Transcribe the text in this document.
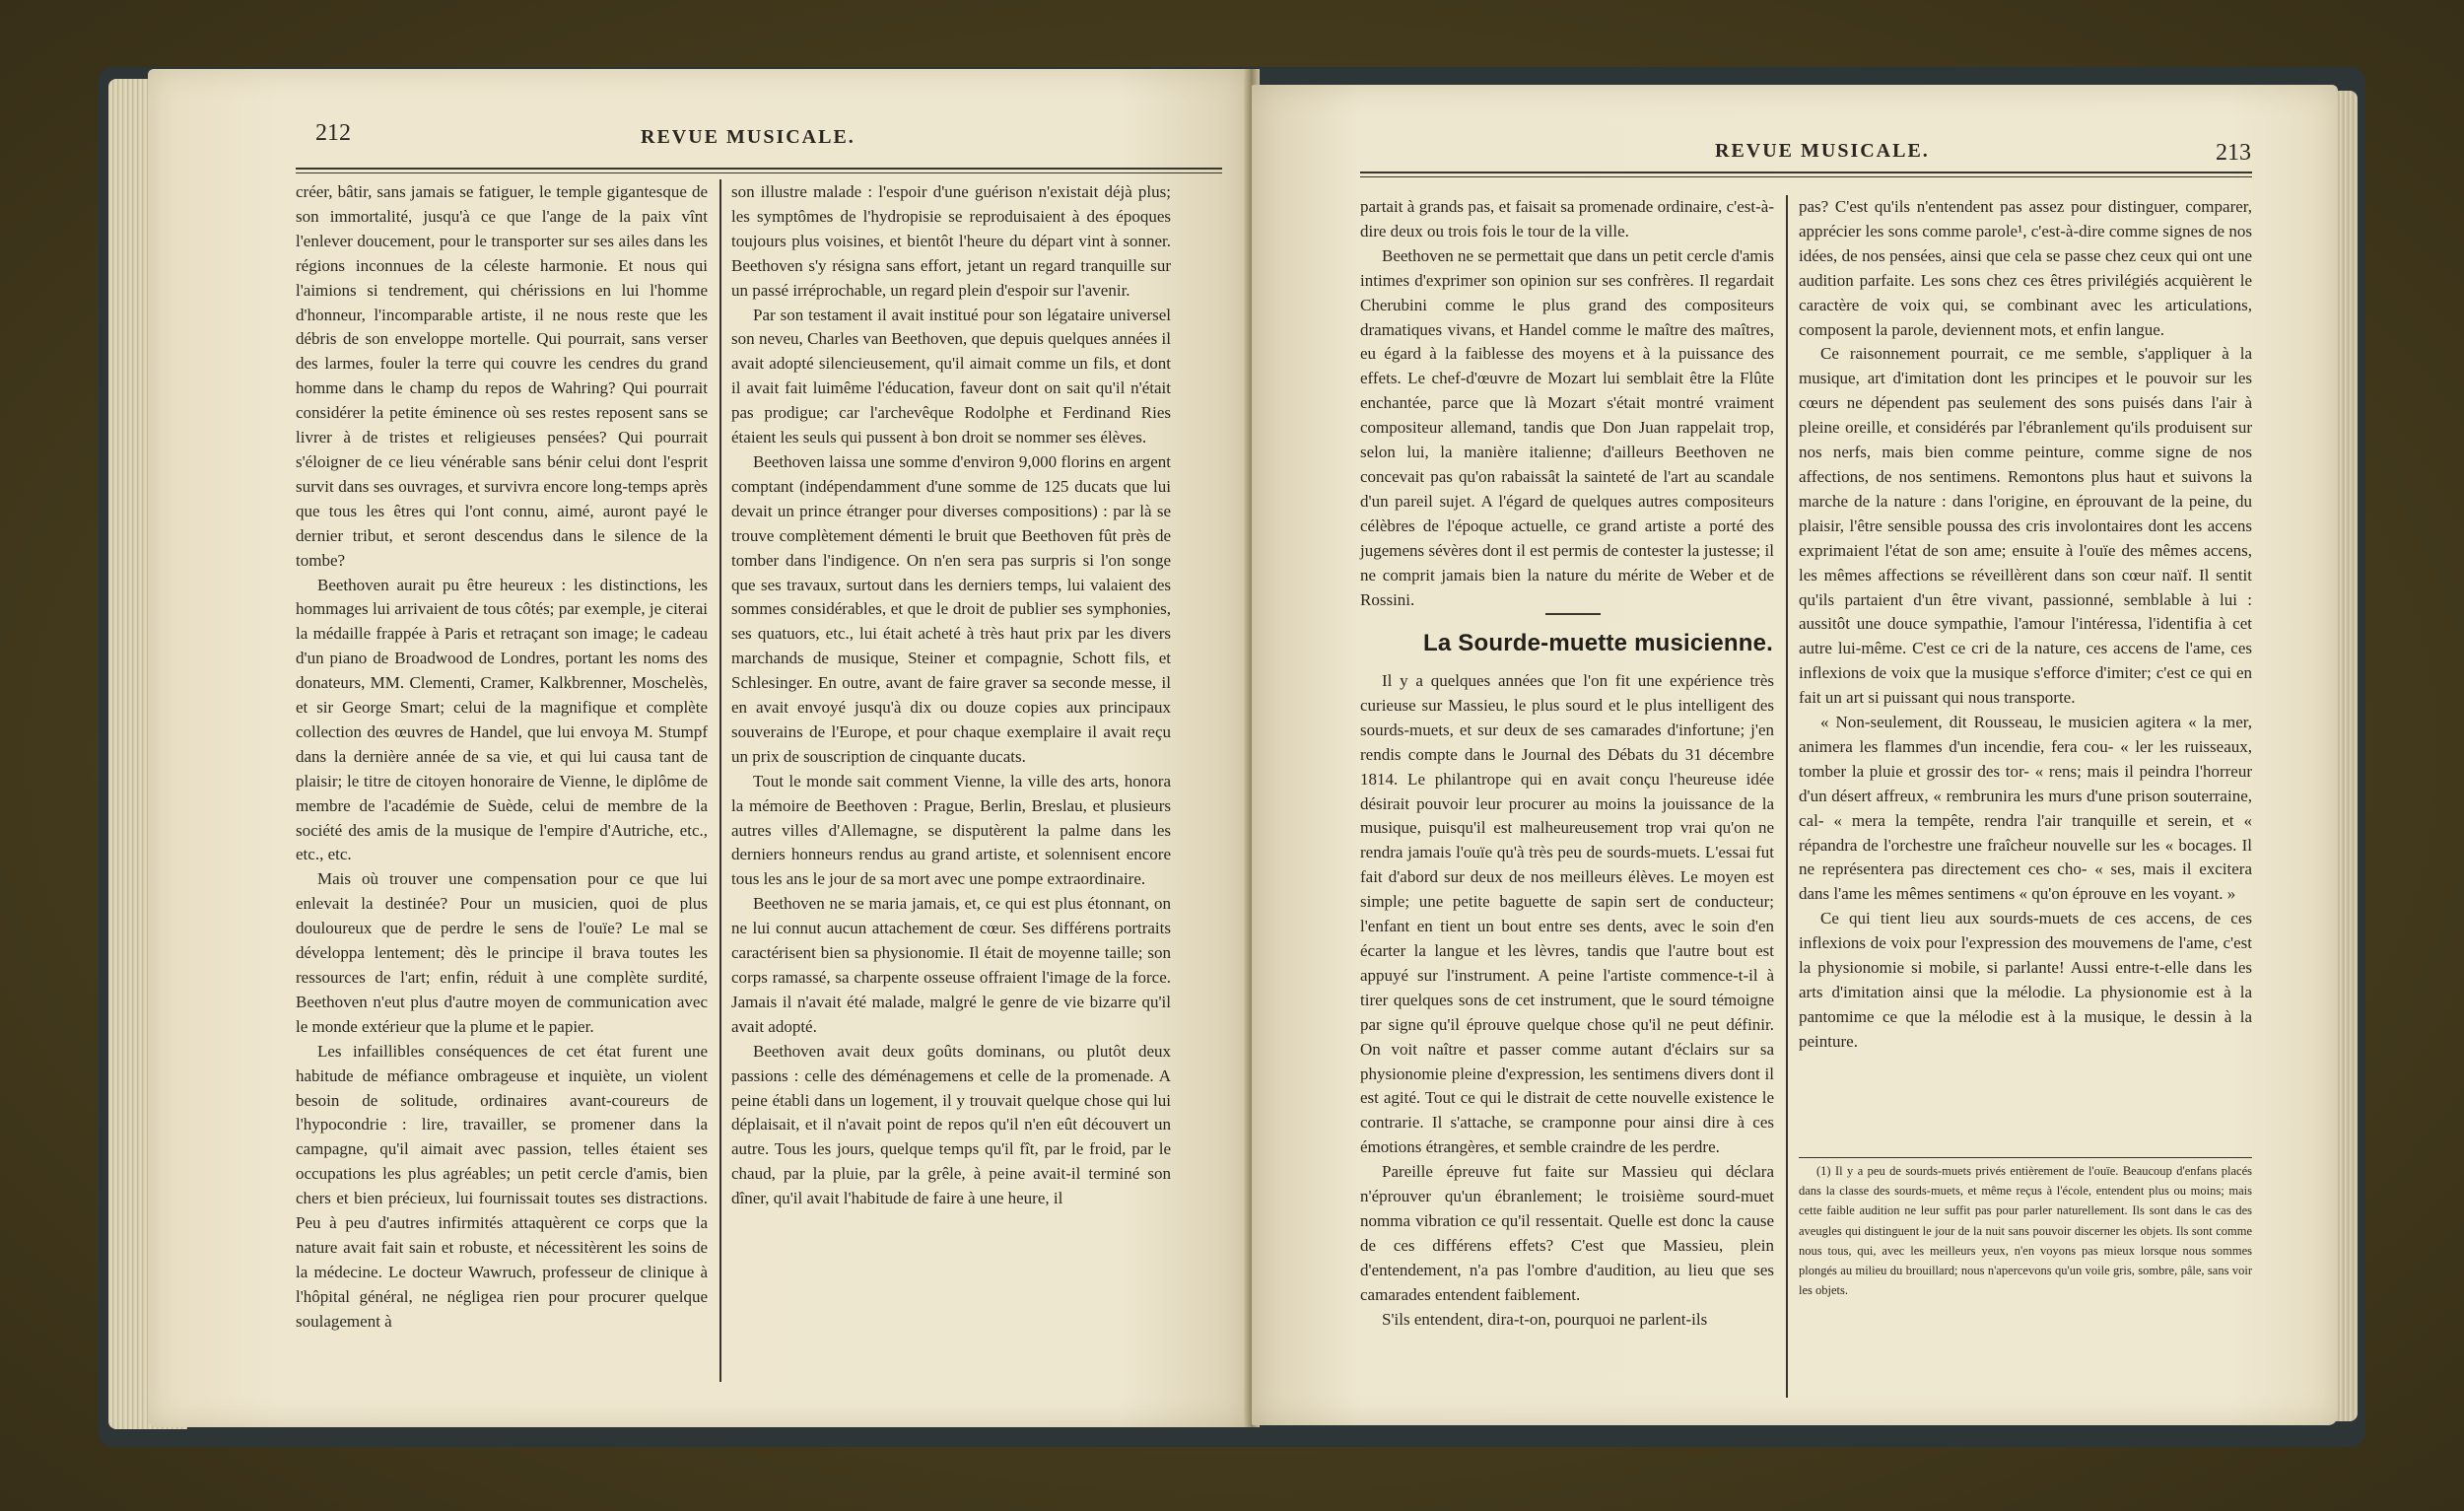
212	REVUE MUSICALE.

créer, bâtir, sans jamais se fatiguer, le temple gigantesque de son immortalité, jusqu'à ce que l'ange de la paix vînt l'enlever doucement, pour le transporter sur ses ailes dans les régions inconnues de la céleste harmonie. Et nous qui l'aimions si tendrement, qui chérissions en lui l'homme d'honneur, l'incomparable artiste, il ne nous reste que les débris de son enveloppe mortelle. Qui pourrait, sans verser des larmes, fouler la terre qui couvre les cendres du grand homme dans le champ du repos de Wahring? Qui pourrait considérer la petite éminence où ses restes reposent sans se livrer à de tristes et religieuses pensées? Qui pourrait s'éloigner de ce lieu vénérable sans bénir celui dont l'esprit survit dans ses ouvrages, et survivra encore long-temps après que tous les êtres qui l'ont connu, aimé, auront payé le dernier tribut, et seront descendus dans le silence de la tombe?

Beethoven aurait pu être heureux : les distinctions, les hommages lui arrivaient de tous côtés; par exemple, je citerai la médaille frappée à Paris et retraçant son image; le cadeau d'un piano de Broadwood de Londres, portant les noms des donateurs, MM. Clementi, Cramer, Kalkbrenner, Moschelès, et sir George Smart; celui de la magnifique et complète collection des œuvres de Handel, que lui envoya M. Stumpf dans la dernière année de sa vie, et qui lui causa tant de plaisir; le titre de citoyen honoraire de Vienne, le diplôme de membre de l'académie de Suède, celui de membre de la société des amis de la musique de l'empire d'Autriche, etc., etc., etc.

Mais où trouver une compensation pour ce que lui enlevait la destinée? Pour un musicien, quoi de plus douloureux que de perdre le sens de l'ouïe? Le mal se développa lentement; dès le principe il brava toutes les ressources de l'art; enfin, réduit à une complète surdité, Beethoven n'eut plus d'autre moyen de communication avec le monde extérieur que la plume et le papier.

Les infaillibles conséquences de cet état furent une habitude de méfiance ombrageuse et inquiète, un violent besoin de solitude, ordinaires avant-coureurs de l'hypocondrie : lire, travailler, se promener dans la campagne, qu'il aimait avec passion, telles étaient ses occupations les plus agréables; un petit cercle d'amis, bien chers et bien précieux, lui fournissait toutes ses distractions. Peu à peu d'autres infirmités attaquèrent ce corps que la nature avait fait sain et robuste, et nécessitèrent les soins de la médecine. Le docteur Wawruch, professeur de clinique à l'hôpital général, ne négligea rien pour procurer quelque soulagement à

son illustre malade : l'espoir d'une guérison n'existait déjà plus; les symptômes de l'hydropisie se reproduisaient à des époques toujours plus voisines, et bientôt l'heure du départ vint à sonner. Beethoven s'y résigna sans effort, jetant un regard tranquille sur un passé irréprochable, un regard plein d'espoir sur l'avenir.

Par son testament il avait institué pour son légataire universel son neveu, Charles van Beethoven, que depuis quelques années il avait adopté silencieusement, qu'il aimait comme un fils, et dont il avait fait luimême l'éducation, faveur dont on sait qu'il n'était pas prodigue; car l'archevêque Rodolphe et Ferdinand Ries étaient les seuls qui pussent à bon droit se nommer ses élèves.

Beethoven laissa une somme d'environ 9,000 florins en argent comptant (indépendamment d'une somme de 125 ducats que lui devait un prince étranger pour diverses compositions) : par là se trouve complètement démenti le bruit que Beethoven fût près de tomber dans l'indigence. On n'en sera pas surpris si l'on songe que ses travaux, surtout dans les derniers temps, lui valaient des sommes considérables, et que le droit de publier ses symphonies, ses quatuors, etc., lui était acheté à très haut prix par les divers marchands de musique, Steiner et compagnie, Schott fils, et Schlesinger. En outre, avant de faire graver sa seconde messe, il en avait envoyé jusqu'à dix ou douze copies aux principaux souverains de l'Europe, et pour chaque exemplaire il avait reçu un prix de souscription de cinquante ducats.

Tout le monde sait comment Vienne, la ville des arts, honora la mémoire de Beethoven : Prague, Berlin, Breslau, et plusieurs autres villes d'Allemagne, se disputèrent la palme dans les derniers honneurs rendus au grand artiste, et solennisent encore tous les ans le jour de sa mort avec une pompe extraordinaire.

Beethoven ne se maria jamais, et, ce qui est plus étonnant, on ne lui connut aucun attachement de cœur. Ses différens portraits caractérisent bien sa physionomie. Il était de moyenne taille; son corps ramassé, sa charpente osseuse offraient l'image de la force. Jamais il n'avait été malade, malgré le genre de vie bizarre qu'il avait adopté.

Beethoven avait deux goûts dominans, ou plutôt deux passions : celle des déménagemens et celle de la promenade. A peine établi dans un logement, il y trouvait quelque chose qui lui déplaisait, et il n'avait point de repos qu'il n'en eût découvert un autre. Tous les jours, quelque temps qu'il fît, par le froid, par le chaud, par la pluie, par la grêle, à peine avait-il terminé son dîner, qu'il avait l'habitude de faire à une heure, il

REVUE MUSICALE.	213

partait à grands pas, et faisait sa promenade ordinaire, c'est-à-dire deux ou trois fois le tour de la ville.

Beethoven ne se permettait que dans un petit cercle d'amis intimes d'exprimer son opinion sur ses confrères. Il regardait Cherubini comme le plus grand des compositeurs dramatiques vivans, et Handel comme le maître des maîtres, eu égard à la faiblesse des moyens et à la puissance des effets. Le chef-d'œuvre de Mozart lui semblait être la Flûte enchantée, parce que là Mozart s'était montré vraiment compositeur allemand, tandis que Don Juan rappelait trop, selon lui, la manière italienne; d'ailleurs Beethoven ne concevait pas qu'on rabaissât la sainteté de l'art au scandale d'un pareil sujet. A l'égard de quelques autres compositeurs célèbres de l'époque actuelle, ce grand artiste a porté des jugemens sévères dont il est permis de contester la justesse; il ne comprit jamais bien la nature du mérite de Weber et de Rossini.

La Sourde-muette musicienne.

Il y a quelques années que l'on fit une expérience très curieuse sur Massieu, le plus sourd et le plus intelligent des sourds-muets, et sur deux de ses camarades d'infortune; j'en rendis compte dans le Journal des Débats du 31 décembre 1814. Le philantrope qui en avait conçu l'heureuse idée désirait pouvoir leur procurer au moins la jouissance de la musique, puisqu'il est malheureusement trop vrai qu'on ne rendra jamais l'ouïe qu'à très peu de sourds-muets. L'essai fut fait d'abord sur deux de nos meilleurs élèves. Le moyen est simple; une petite baguette de sapin sert de conducteur; l'enfant en tient un bout entre ses dents, avec le soin d'en écarter la langue et les lèvres, tandis que l'autre bout est appuyé sur l'instrument. A peine l'artiste commence-t-il à tirer quelques sons de cet instrument, que le sourd témoigne par signe qu'il éprouve quelque chose qu'il ne peut définir. On voit naître et passer comme autant d'éclairs sur sa physionomie pleine d'expression, les sentimens divers dont il est agité. Tout ce qui le distrait de cette nouvelle existence le contrarie. Il s'attache, se cramponne pour ainsi dire à ces émotions étrangères, et semble craindre de les perdre.

Pareille épreuve fut faite sur Massieu qui déclara n'éprouver qu'un ébranlement; le troisième sourd-muet nomma vibration ce qu'il ressentait. Quelle est donc la cause de ces différens effets? C'est que Massieu, plein d'entendement, n'a pas l'ombre d'audition, au lieu que ses camarades entendent faiblement.

S'ils entendent, dira-t-on, pourquoi ne parlent-ils

pas? C'est qu'ils n'entendent pas assez pour distinguer, comparer, apprécier les sons comme parole¹, c'est-à-dire comme signes de nos idées, de nos pensées, ainsi que cela se passe chez ceux qui ont une audition parfaite. Les sons chez ces êtres privilégiés acquièrent le caractère de voix qui, se combinant avec les articulations, composent la parole, deviennent mots, et enfin langue.

Ce raisonnement pourrait, ce me semble, s'appliquer à la musique, art d'imitation dont les principes et le pouvoir sur les cœurs ne dépendent pas seulement des sons puisés dans l'air à pleine oreille, et considérés par l'ébranlement qu'ils produisent sur nos nerfs, mais bien comme peinture, comme signe de nos affections, de nos sentimens. Remontons plus haut et suivons la marche de la nature : dans l'origine, en éprouvant de la peine, du plaisir, l'être sensible poussa des cris involontaires dont les accens exprimaient l'état de son ame; ensuite à l'ouïe des mêmes accens, les mêmes affections se réveillèrent dans son cœur naïf. Il sentit qu'ils partaient d'un être vivant, passionné, semblable à lui : aussitôt une douce sympathie, l'amour l'intéressa, l'identifia à cet autre lui-même. C'est ce cri de la nature, ces accens de l'ame, ces inflexions de voix que la musique s'efforce d'imiter; c'est ce qui en fait un art si puissant qui nous transporte.

« Non-seulement, dit Rousseau, le musicien agitera « la mer, animera les flammes d'un incendie, fera cou- « ler les ruisseaux, tomber la pluie et grossir des tor- « rens; mais il peindra l'horreur d'un désert affreux, « rembrunira les murs d'une prison souterraine, cal- « mera la tempête, rendra l'air tranquille et serein, et « répandra de l'orchestre une fraîcheur nouvelle sur les « bocages. Il ne représentera pas directement ces cho- « ses, mais il excitera dans l'ame les mêmes sentimens « qu'on éprouve en les voyant. »

Ce qui tient lieu aux sourds-muets de ces accens, de ces inflexions de voix pour l'expression des mouvemens de l'ame, c'est la physionomie si mobile, si parlante! Aussi entre-t-elle dans les arts d'imitation ainsi que la mélodie. La physionomie est à la pantomime ce que la mélodie est à la musique, le dessin à la peinture.

(1) Il y a peu de sourds-muets privés entièrement de l'ouïe. Beaucoup d'enfans placés dans la classe des sourds-muets, et même reçus à l'école, entendent plus ou moins; mais cette faible audition ne leur suffit pas pour parler naturellement. Ils sont dans le cas des aveugles qui distinguent le jour de la nuit sans pouvoir discerner les objets. Ils sont comme nous tous, qui, avec les meilleurs yeux, n'en voyons pas mieux lorsque nous sommes plongés au milieu du brouillard; nous n'apercevons qu'un voile gris, sombre, pâle, sans voir les objets.
